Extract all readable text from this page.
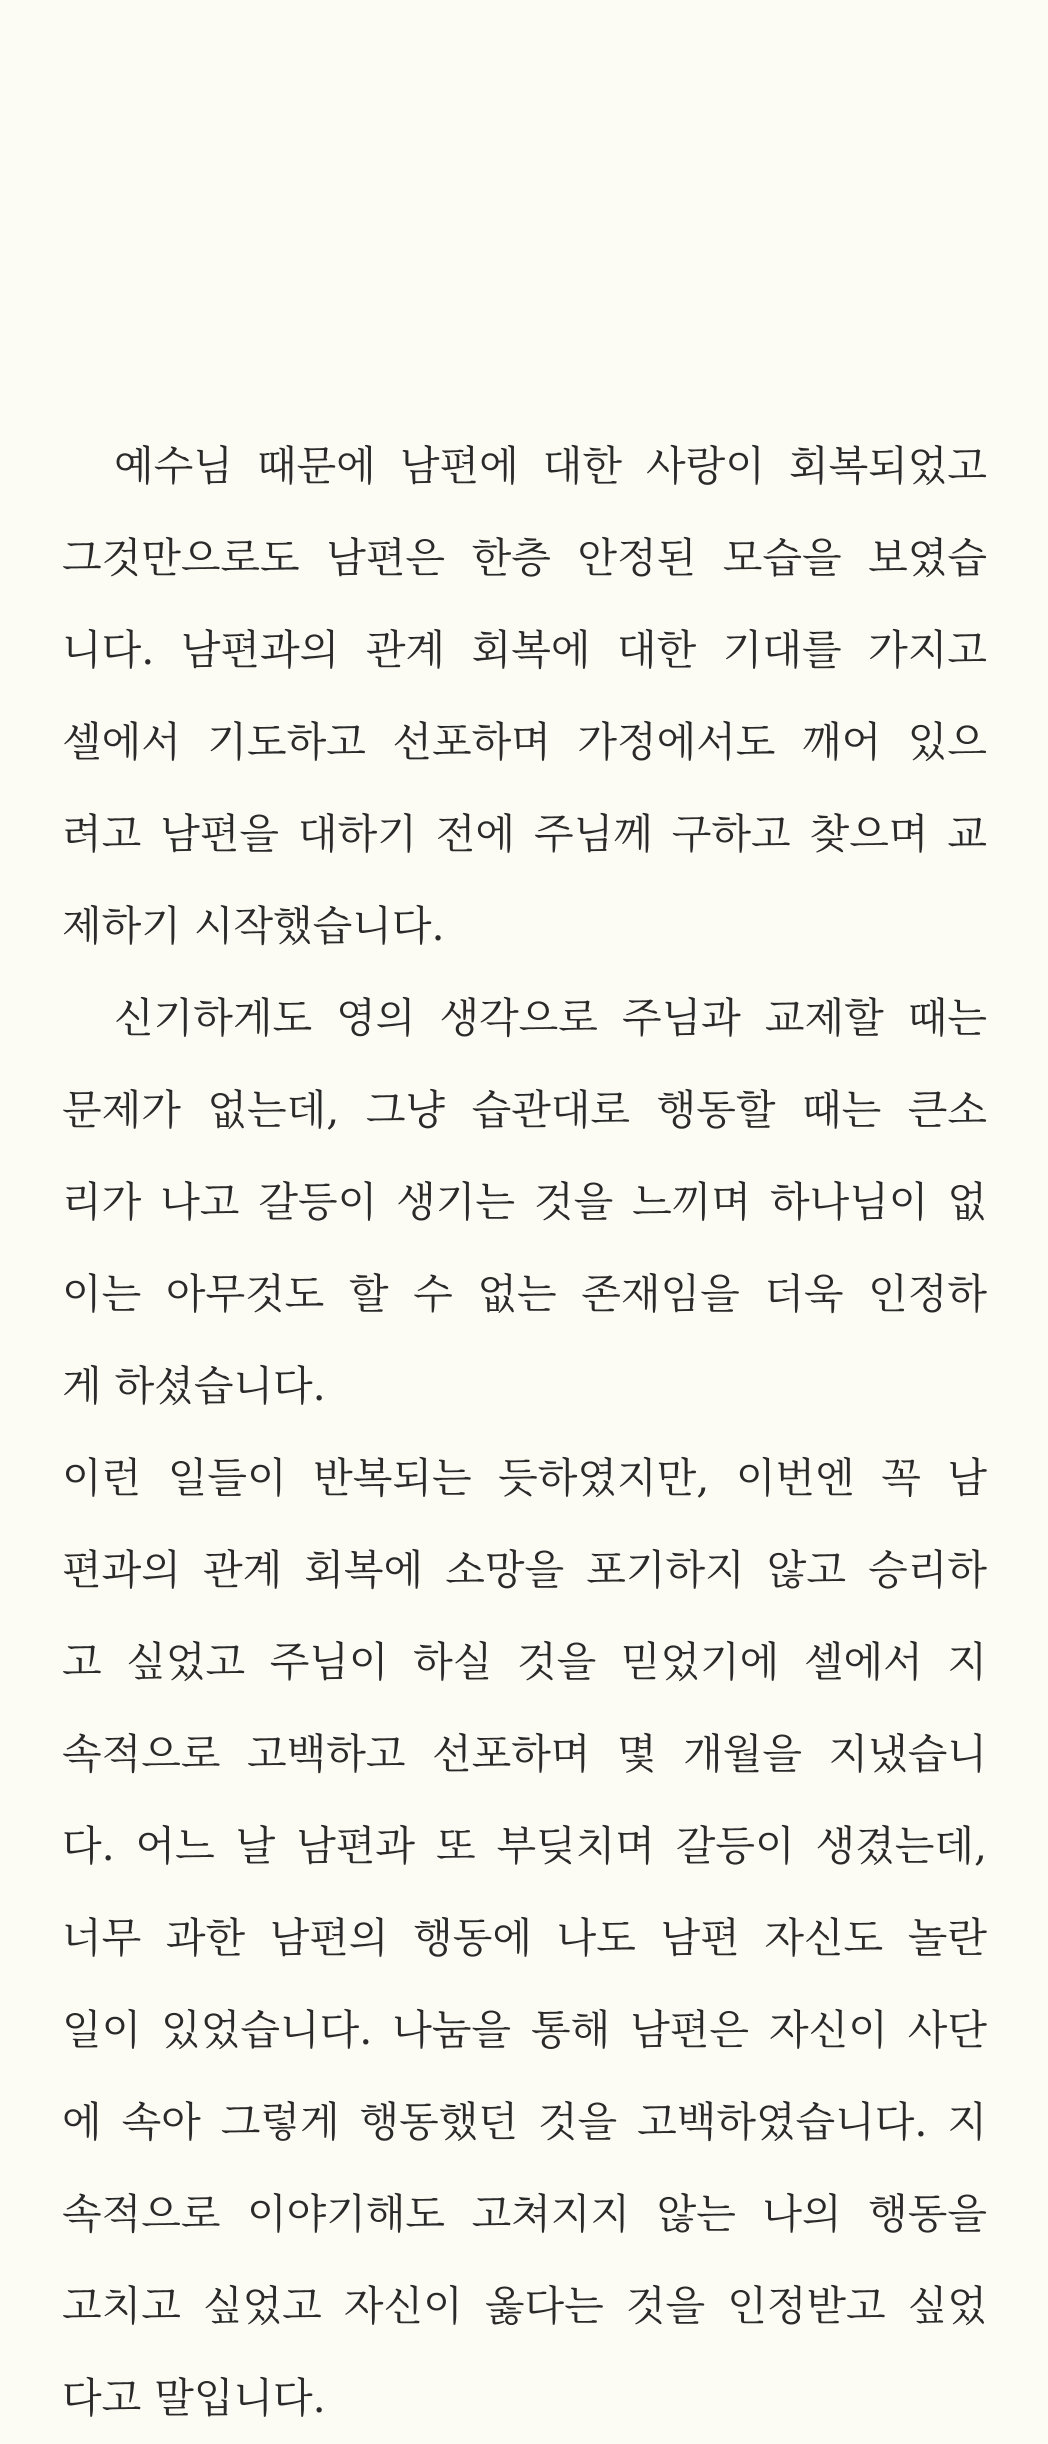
　예수님 때문에 남편에 대한 사랑이 회복되었고
그것만으로도 남편은 한층 안정된 모습을 보였습
니다. 남편과의 관계 회복에 대한 기대를 가지고
셀에서 기도하고 선포하며 가정에서도 깨어 있으
려고 남편을 대하기 전에 주님께 구하고 찾으며 교
제하기 시작했습니다.
　신기하게도 영의 생각으로 주님과 교제할 때는
문제가 없는데, 그냥 습관대로 행동할 때는 큰소
리가 나고 갈등이 생기는 것을 느끼며 하나님이 없
이는 아무것도 할 수 없는 존재임을 더욱 인정하
게 하셨습니다.
이런 일들이 반복되는 듯하였지만, 이번엔 꼭 남
편과의 관계 회복에 소망을 포기하지 않고 승리하
고 싶었고 주님이 하실 것을 믿었기에 셀에서 지
속적으로 고백하고 선포하며 몇 개월을 지냈습니
다. 어느 날 남편과 또 부딪치며 갈등이 생겼는데,
너무 과한 남편의 행동에 나도 남편 자신도 놀란
일이 있었습니다. 나눔을 통해 남편은 자신이 사단
에 속아 그렇게 행동했던 것을 고백하였습니다. 지
속적으로 이야기해도 고쳐지지 않는 나의 행동을
고치고 싶었고 자신이 옳다는 것을 인정받고 싶었
다고 말입니다.
